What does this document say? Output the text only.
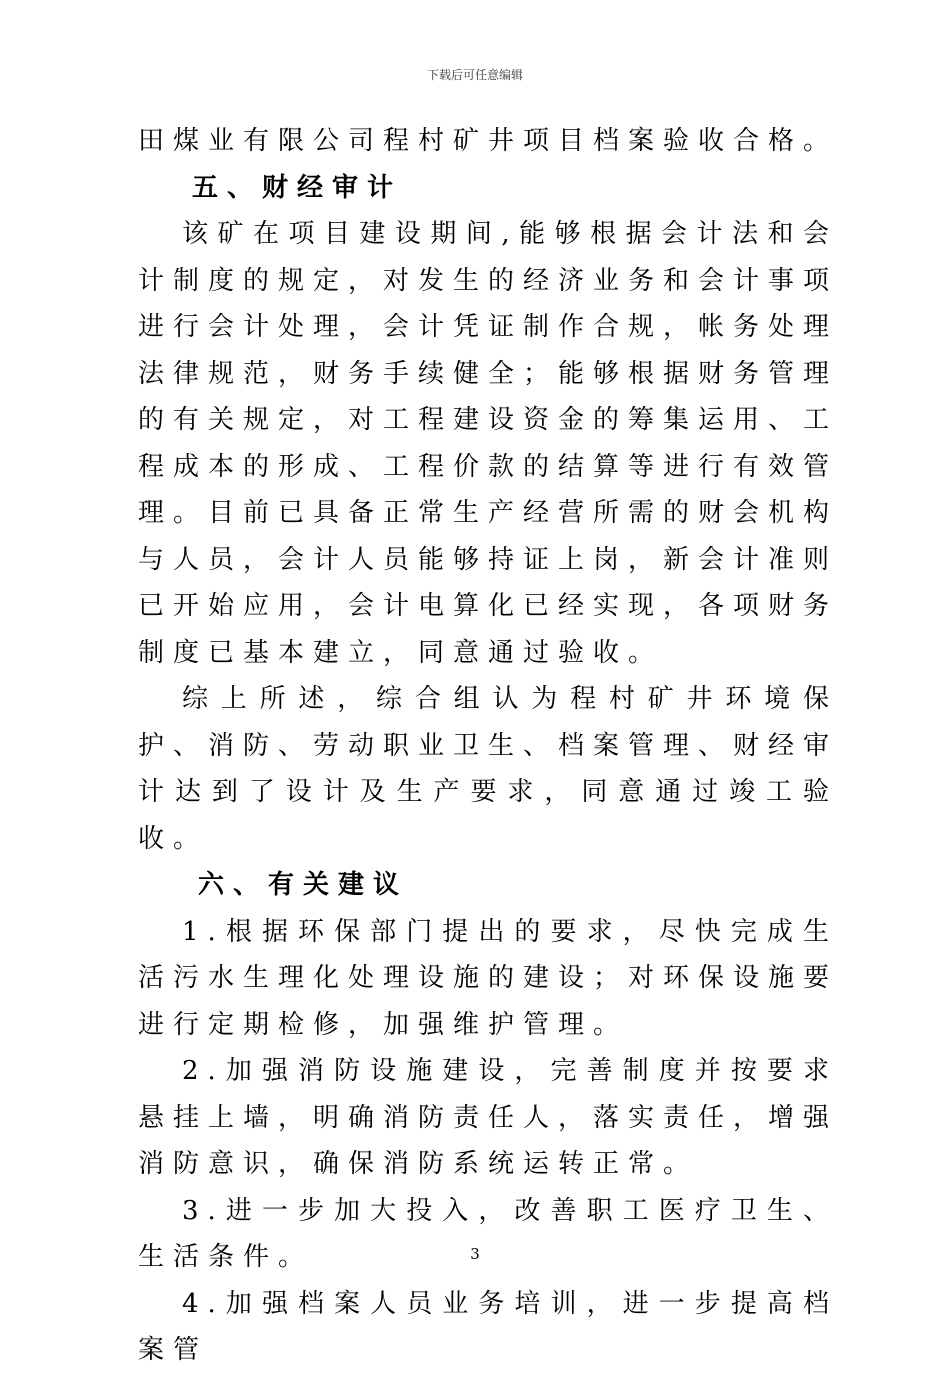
下载后可任意编辑

田煤业有限公司程村矿井项目档案验收合格。

五、财经审计

该矿在项目建设期间,能够根据会计法和会计制度的规定，对发生的经济业务和会计事项进行会计处理，会计凭证制作合规，帐务处理法律规范，财务手续健全；能够根据财务管理的有关规定，对工程建设资金的筹集运用、工程成本的形成、工程价款的结算等进行有效管理。目前已具备正常生产经营所需的财会机构与人员，会计人员能够持证上岗，新会计准则已开始应用，会计电算化已经实现，各项财务制度已基本建立，同意通过验收。

综上所述，综合组认为程村矿井环境保护、消防、劳动职业卫生、档案管理、财经审计达到了设计及生产要求，同意通过竣工验收。

六、有关建议

1.根据环保部门提出的要求，尽快完成生活污水生理化处理设施的建设；对环保设施要进行定期检修，加强维护管理。

2.加强消防设施建设，完善制度并按要求悬挂上墙，明确消防责任人，落实责任，增强消防意识，确保消防系统运转正常。

3.进一步加大投入，改善职工医疗卫生、生活条件。

4.加强档案人员业务培训，进一步提高档案管

3
